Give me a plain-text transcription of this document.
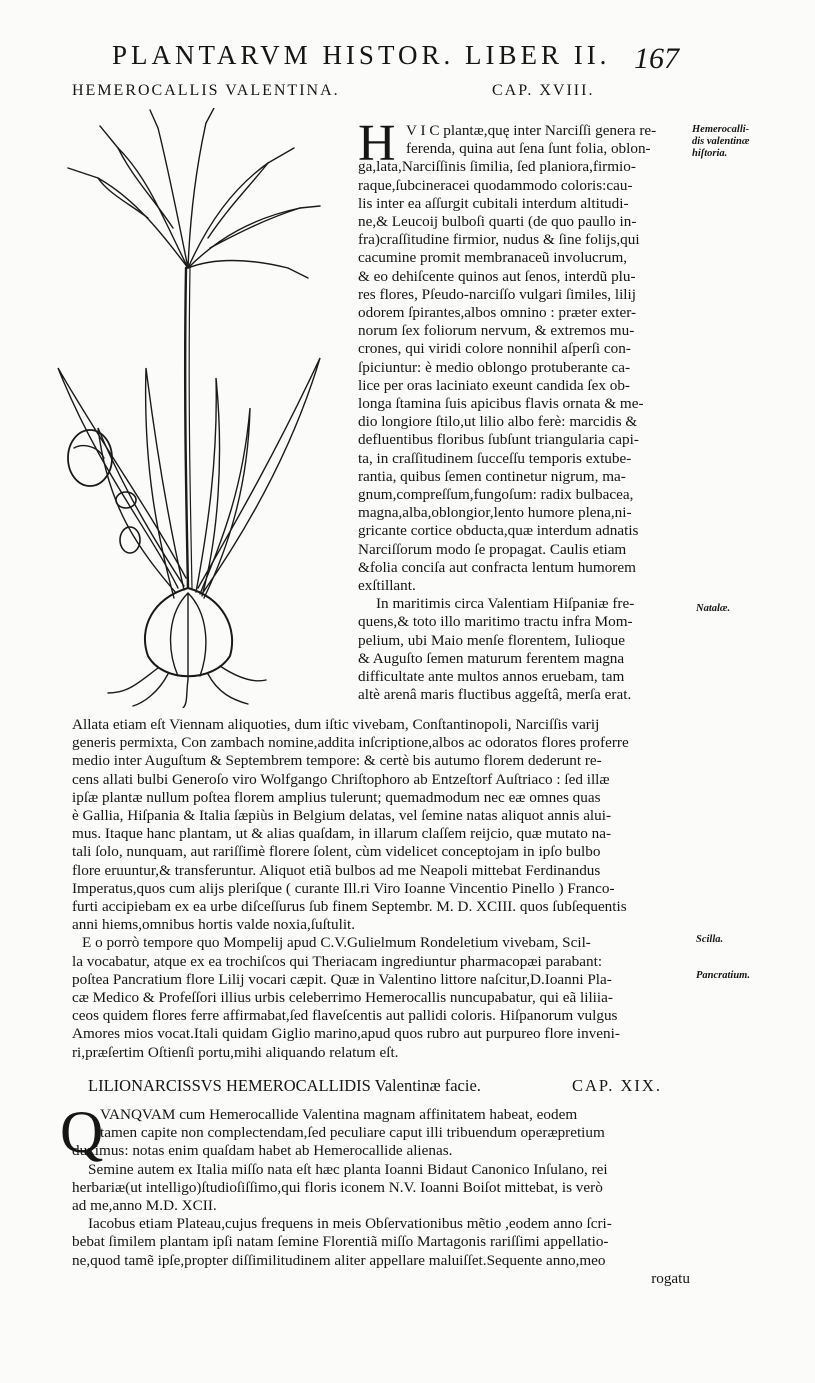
PLANTARVM HISTOR. LIBER II. 167
HEMEROCALLIS VALENTINA.	CAP. XVIII.
H V I C plantæ,quę inter Narciſſi genera re-
ferenda, quina aut ſena ſunt folia, oblon-
ga,lata,Narciſſinis ſimilia, ſed planiora,firmio-
raque,ſubcineracei quodammodo coloris:cau-
lis inter ea aſſurgit cubitali interdum altitudi-
ne,& Leucoij bulboſi quarti (de quo paullo in-
fra)craſſitudine firmior, nudus & ſine folijs,qui
cacumine promit membranaceũ involucrum,
& eo dehiſcente quinos aut ſenos, interdũ plu-
res flores, Pſeudo-narciſſo vulgari ſimiles, lilij
odorem ſpirantes,albos omnino : præter exter-
norum ſex foliorum nervum, & extremos mu-
crones, qui viridi colore nonnihil aſperſi con-
ſpiciuntur: è medio oblongo protuberante ca-
lice per oras laciniato exeunt candida ſex ob-
longa ſtamina ſuis apicibus flavis ornata & me-
dio longiore ſtilo,ut lilio albo ferè: marcidis &
defluentibus floribus ſubſunt triangularia capi-
ta, in craſſitudinem ſucceſſu temporis extube-
rantia, quibus ſemen continetur nigrum, ma-
gnum,compreſſum,fungoſum: radix bulbacea,
magna,alba,oblongior,lento humore plena,ni-
gricante cortice obducta,quæ interdum adnatis
Narciſſorum modo ſe propagat. Caulis etiam
&folia conciſa aut confracta lentum humorem
exſtillant.
In maritimis circa Valentiam Hiſpaniæ fre-
quens,& toto illo maritimo tractu infra Mom-
pelium, ubi Maio menſe florentem, Iulioque
& Auguſto ſemen maturum ferentem magna
difficultate ante multos annos eruebam, tam
altè arenâ maris fluctibus aggeſtâ, merſa erat.
Allata etiam eſt Viennam aliquoties, dum iſtic vivebam, Conſtantinopoli, Narciſſis varij
generis permixta, Con zambach nomine,addita inſcriptione,albos ac odoratos flores proferre
medio inter Auguſtum & Septembrem tempore: & certè bis autumo florem dederunt re-
cens allati bulbi Generoſo viro Wolfgango Chriſtophoro ab Entzeſtorf Auſtriaco : ſed illæ
ipſæ plantæ nullum poſtea florem amplius tulerunt; quemadmodum nec eæ omnes quas
è Gallia, Hiſpania & Italia ſæpiùs in Belgium delatas, vel ſemine natas aliquot annis alui-
mus. Itaque hanc plantam, ut & alias quaſdam, in illarum claſſem reijcio, quæ mutato na-
tali ſolo, nunquam, aut rariſſimè florere ſolent, cùm videlicet conceptojam in ipſo bulbo
flore eruuntur,& transferuntur. Aliquot etiã bulbos ad me Neapoli mittebat Ferdinandus
Imperatus,quos cum alijs pleriſque ( curante Ill.ri Viro Ioanne Vincentio Pinello ) Franco-
furti accipiebam ex ea urbe diſceſſurus ſub finem Septembr. M. D. XCIII. quos ſubſequentis
anni hiems,omnibus hortis valde noxia,ſuſtulit.
E o porrò tempore quo Mompelij apud C.V.Gulielmum Rondeletium vivebam, Scil-
la vocabatur, atque ex ea trochiſcos qui Theriacam ingrediuntur pharmacopæi parabant:
poſtea Pancratium flore Lilij vocari cæpit. Quæ in Valentino littore naſcitur,D.Ioanni Pla-
cæ Medico & Profeſſori illius urbis celeberrimo Hemerocallis nuncupabatur, qui eã liliia-
ceos quidem flores ferre affirmabat,ſed flaveſcentis aut pallidi coloris. Hiſpanorum vulgus
Amores mios vocat.Itali quidam Giglio marino,apud quos rubro aut purpureo flore inveni-
ri,præſertim Oſtienſi portu,mihi aliquando relatum eſt.
Hemerocalli-
dis valentinæ
hiſtoria.
Natalæ.
Scilla.
Pancratium.
LILIONARCISSVS HEMEROCALLIDIS Valentinæ facie.	CAP. XIX.
Q
VANQVAM cum Hemerocallide Valentina magnam affinitatem habeat, eodem
tamen capite non complectendam,ſed peculiare caput illi tribuendum operæpretium
duximus: notas enim quaſdam habet ab Hemerocallide alienas.
Semine autem ex Italia miſſo nata eſt hæc planta Ioanni Bidaut Canonico Inſulano, rei
herbariæ(ut intelligo)ſtudioſiſſimo,qui floris iconem N.V. Ioanni Boiſot mittebat, is verò
ad me,anno M.D. XCII.
Iacobus etiam Plateau,cujus frequens in meis Obſervationibus mẽtio ,eodem anno ſcri-
bebat ſimilem plantam ipſi natam ſemine Florentiã miſſo Martagonis rariſſimi appellatio-
ne,quod tamẽ ipſe,propter diſſimilitudinem aliter appellare maluiſſet.Sequente anno,meo
rogatu
